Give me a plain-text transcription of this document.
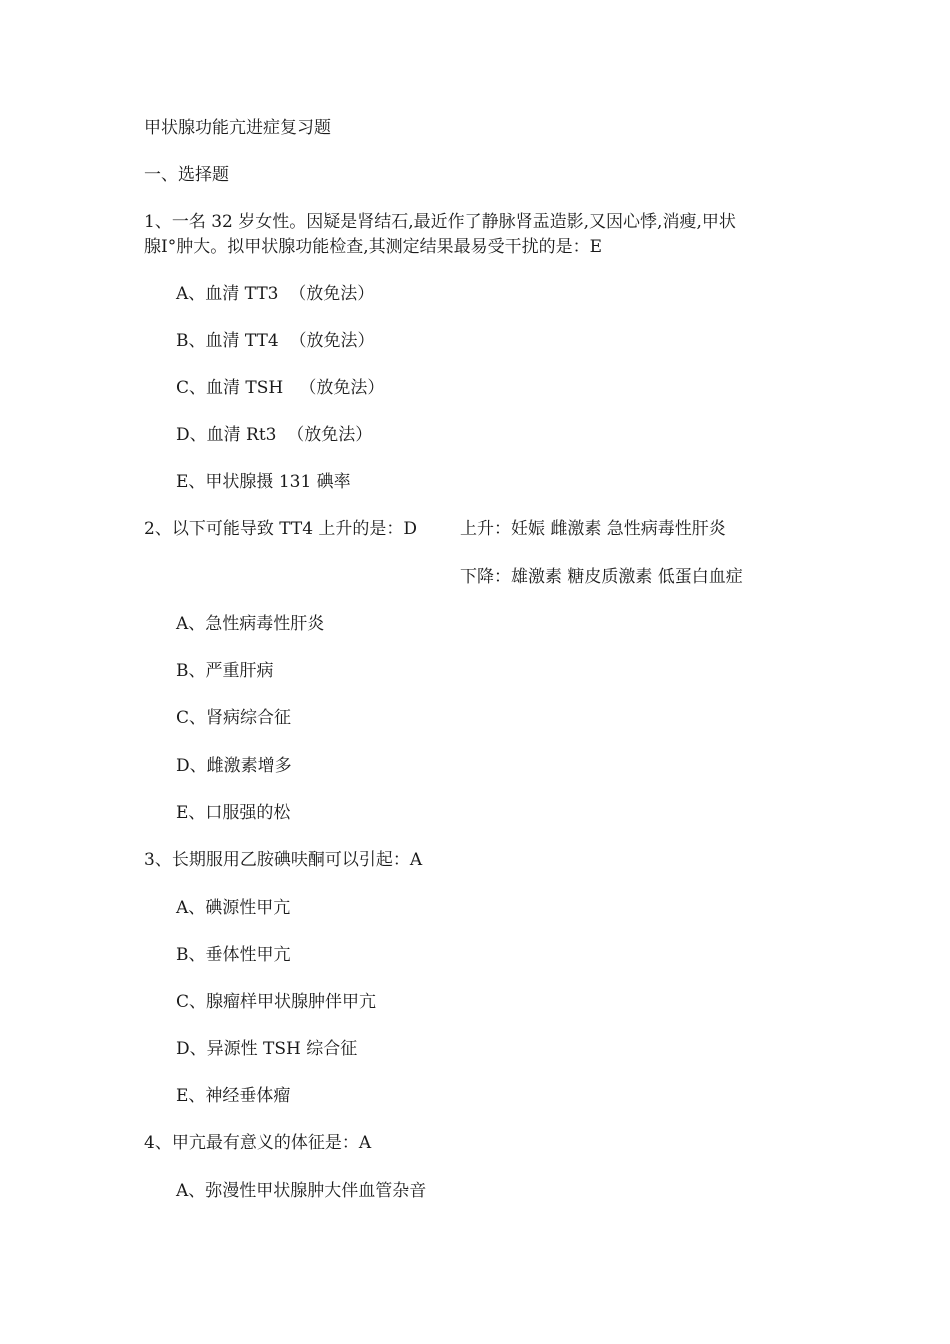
甲状腺功能亢进症复习题
一、选择题
1、一名 32 岁女性。因疑是肾结石,最近作了静脉肾盂造影,又因心悸,消瘦,甲状
腺Ⅰ°肿大。拟甲状腺功能检查,其测定结果最易受干扰的是：E
A、血清 TT3  （放免法）
B、血清 TT4  （放免法）
C、血清 TSH   （放免法）
D、血清 Rt3  （放免法）
E、甲状腺摄 131 碘率
2、以下可能导致 TT4 上升的是：D	上升：妊娠 雌激素 急性病毒性肝炎
下降：雄激素 糖皮质激素 低蛋白血症
A、急性病毒性肝炎
B、严重肝病
C、肾病综合征
D、雌激素增多
E、口服强的松
3、长期服用乙胺碘呋酮可以引起：A
A、碘源性甲亢
B、垂体性甲亢
C、腺瘤样甲状腺肿伴甲亢
D、异源性 TSH 综合征
E、神经垂体瘤
4、甲亢最有意义的体征是：A
A、弥漫性甲状腺肿大伴血管杂音
